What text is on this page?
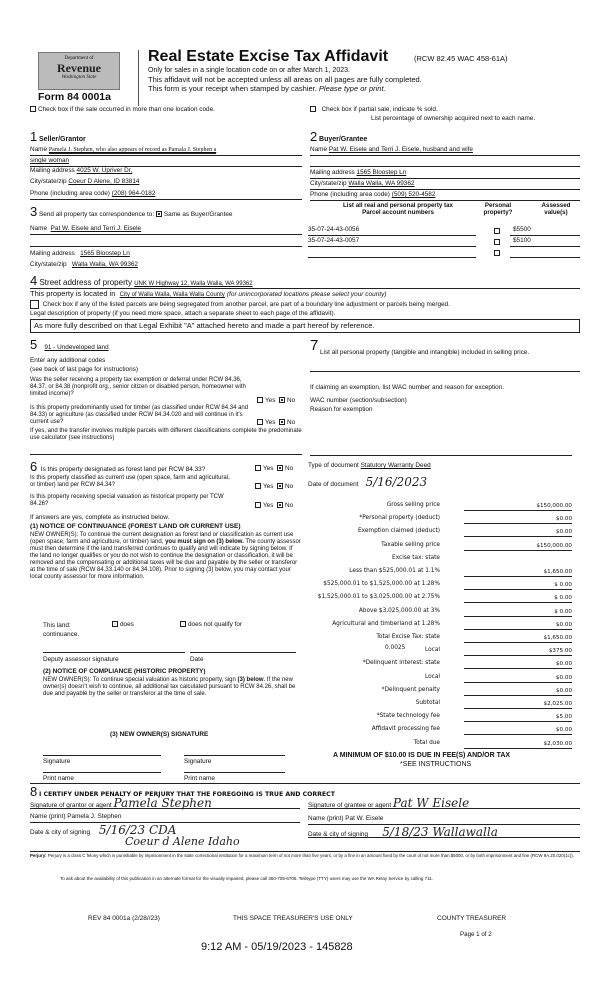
Department of
Revenue
Washington State
Form 84 0001a
Real Estate Excise Tax Affidavit	(RCW 82.45 WAC 458-61A)
Only for sales in a single location code on or after March 1, 2023.
This affidavit will not be accepted unless all areas on all pages are fully completed.
This form is your receipt when stamped by cashier. Please type or print.
Check box if the sale occurred in more than one location code.	Check box if partial sale, indicate % sold.
List percentage of ownership acquired next to each name.
1 Seller/Grantor
Name Pamela J. Stephen, who also appears of record as Pamala J. Stephen a
single woman
Mailing address 4025 W. Upriver Dr,
City/state/zip Coeur D Alene, ID 83814
Phone (including area code) (208) 964-0182
2 Buyer/Grantee
Name Pat W. Eisele and Terri J. Eisele, husband and wife
Mailing address 1565 Bloostep Ln
City/state/zip Walla Walla, WA 99362
Phone (including area code) (509) 520-4582
3 Send all property tax correspondence to: Same as Buyer/Grantee
Name Pat W. Eisele and Terri J. Eisele
Mailing address 1565 Bloostep Ln
City/state/zip Walla Walla, WA 99362
List all real and personal property tax
Parcel account numbers
Personal
property?
Assessed
value(s)
35-07-24-43-0056	$5500
35-07-24-43-0057	$5100
4 Street address of property UNK W Highway 12, Walla Walla, WA 99362
This property is located in City of Walla Walla, Walla Walla County (for unincorporated locations please select your county)
Check box if any of the listed parcels are being segregated from another parcel, are part of a boundary line adjustment or parcels being merged.
Legal description of property (if you need more space, attach a separate sheet to each page of the affidavit).
As more fully described on that Legal Exhibit "A" attached hereto and made a part hereof by reference.
5 91 - Undeveloped land
Enter any additional codes
(see back of last page for instructions)
Was the seller receiving a property tax exemption or deferral under RCW 84.36, 84.37, or 84.38 (nonprofit org., senior citizen or disabled person, homeowner with limited income)?
Is this property predominantly used for timber (as classified under RCW 84.34 and 84.33) or agriculture (as classified under RCW 84.34.020 and will continue in it's current use?
If yes, and the transfer involves multiple parcels with different classifications complete the predominate use calculator (see instructions)
Yes No
Yes No
7 List all personal property (tangible and intangible) included in selling price.
If claiming an exemption, list WAC number and reason for exception.
WAC number (section/subsection)
Reason for exemption
6 Is this property designated as forest land per RCW 84.33?	Yes No
Is this property classified as current use (open space, farm and agricultural, or timber) land per RCW 84.34?	Yes No
Is this property receiving special valuation as historical property per TCW 84.26?	Yes No
If answers are yes, complete as instructed below.
(1) NOTICE OF CONTINUANCE (FOREST LAND OR CURRENT USE)
NEW OWNER(S): To continue the current designation as forest land or classification as current use (open space, farm and agriculture, or timber) land, you must sign on (3) below. The county assessor must then determine if the land transferred continues to qualify and will indicate by signing below. If the land no longer qualifies or you do not wish to continue the designation or classification, it will be removed and the compensating or additional taxes will be due and payable by the seller or transferor at the time of sale (RCW 84.33.140 or 84.34.108). Prior to signing (3) below, you may contact your local county assessor for more information.
This land:
continuance.
does	does not qualify for
Deputy assessor signature	Date
(2) NOTICE OF COMPLIANCE (HISTORIC PROPERTY)
NEW OWNER(S): To continue special valuation as historic property, sign (3) below. If the new owner(s) doesn't wish to continue, all additional tax calculated pursuant to RCW 84.26, shall be due and payable by the seller or transferor at the time of sale.
(3) NEW OWNER(S) SIGNATURE
Signature	Signature
Print name	Print name
Type of document Statutory Warranty Deed
Date of document 5/16/2023
Gross selling price	$150,000.00
*Personal property (deduct)	$0.00
Exemption claimed (deduct)	$0.00
Taxable selling price	$150,000.00
Excise tax: state
Less than $525,000.01 at 1.1%	$1,650.00
$525,000.01 to $1,525,000.00 at 1.28%	$ 0.00
$1,525,000.01 to $3,025,000.00 at 2.75%	$ 0.00
Above $3,025,000.00 at 3%	$ 0.00
Agricultural and timberland at 1.28%	$0.00
Total Excise Tax: state	$1,650.00
Local	$375.00
*Delinquent interest: state	$0.00
Local	$0.00
*Delinquent penalty	$0.00
Subtotal	$2,025.00
*State technology fee	$5.00
Affidavit processing fee	$0.00
Total due	$2,030.00
0.0025
A MINIMUM OF $10.00 IS DUE IN FEE(S) AND/OR TAX
*SEE INSTRUCTIONS
8 I CERTIFY UNDER PENALTY OF PERJURY THAT THE FOREGOING IS TRUE AND CORRECT
Signature of grantor or agent Pamela Stephen
Name (print) Pamela J. Stephen
Date & city of signing 5/16/23 CDA
Coeur d Alene Idaho
Signature of grantee or agent Pat W Eisele
Name (print) Pat W. Eisele
Date & city of signing 5/18/23 Wallawalla
Perjury: Perjury is a class C felony which is punishable by imprisonment in the state correctional institution for a maximum term of not more than five years, or by a fine in an amount fixed by the court of not more than $5000, or by both imprisonment and fine (RCW 9A.20.020(1c)).
To ask about the availability of this publication in an alternate format for the visually impaired, please call 360-705-6705. Teletype (TTY) users may use the WA Relay Service by calling 711.
REV 84 0001a (2/28//23)	THIS SPACE TREASURER'S USE ONLY	COUNTY TREASURER
Page 1 of 2
9:12 AM - 05/19/2023 - 145828
